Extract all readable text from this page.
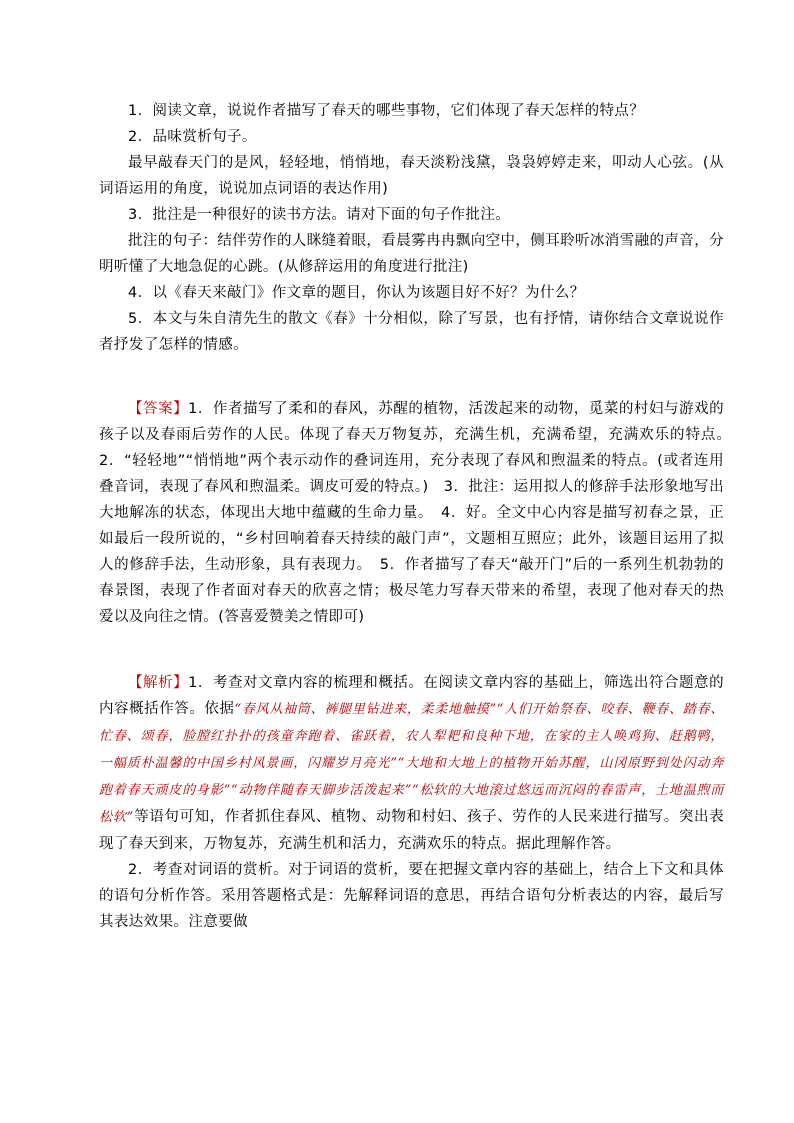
1．阅读文章，说说作者描写了春天的哪些事物，它们体现了春天怎样的特点？

2．品味赏析句子。

最早敲春天门的是风，轻轻地，悄悄地，春天淡粉浅黛，袅袅婷婷走来，叩动人心弦。(从词语运用的角度，说说加点词语的表达作用)

3．批注是一种很好的读书方法。请对下面的句子作批注。

批注的句子：结伴劳作的人眯缝着眼，看晨雾冉冉飘向空中，侧耳聆听冰消雪融的声音，分明听懂了大地急促的心跳。(从修辞运用的角度进行批注)

4．以《春天来敲门》作文章的题目，你认为该题目好不好？为什么？

5．本文与朱自清先生的散文《春》十分相似，除了写景，也有抒情，请你结合文章说说作者抒发了怎样的情感。

【答案】1．作者描写了柔和的春风，苏醒的植物，活泼起来的动物，觅菜的村妇与游戏的孩子以及春雨后劳作的人民。体现了春天万物复苏，充满生机，充满希望，充满欢乐的特点。　2．“轻轻地”“悄悄地”两个表示动作的叠词连用，充分表现了春风和煦温柔的特点。(或者连用叠音词，表现了春风和煦温柔。调皮可爱的特点。)　3．批注：运用拟人的修辞手法形象地写出大地解冻的状态，体现出大地中蕴藏的生命力量。　4．好。全文中心内容是描写初春之景，正如最后一段所说的，“乡村回响着春天持续的敲门声”，文题相互照应；此外，该题目运用了拟人的修辞手法，生动形象，具有表现力。　5．作者描写了春天“敲开门”后的一系列生机勃勃的春景图，表现了作者面对春天的欣喜之情；极尽笔力写春天带来的希望，表现了他对春天的热爱以及向往之情。(答喜爱赞美之情即可)

【解析】1．考查对文章内容的梳理和概括。在阅读文章内容的基础上，筛选出符合题意的内容概括作答。依据“春风从袖筒、裤腿里钻进来，柔柔地触摸”“人们开始祭春、咬春、鞭春、踏春、忙春、颂春，脸膛红扑扑的孩童奔跑着、雀跃着，农人犁耙和良种下地，在家的主人唤鸡狗、赶鹅鸭，一幅质朴温馨的中国乡村风景画，闪耀岁月亮光”“大地和大地上的植物开始苏醒，山冈原野到处闪动奔跑着春天顽皮的身影”“动物伴随春天脚步活泼起来”“松软的大地滚过悠远而沉闷的春雷声，土地温煦而松软”等语句可知，作者抓住春风、植物、动物和村妇、孩子、劳作的人民来进行描写。突出表现了春天到来，万物复苏，充满生机和活力，充满欢乐的特点。据此理解作答。

2．考查对词语的赏析。对于词语的赏析，要在把握文章内容的基础上，结合上下文和具体的语句分析作答。采用答题格式是：先解释词语的意思，再结合语句分析表达的内容，最后写其表达效果。注意要做
